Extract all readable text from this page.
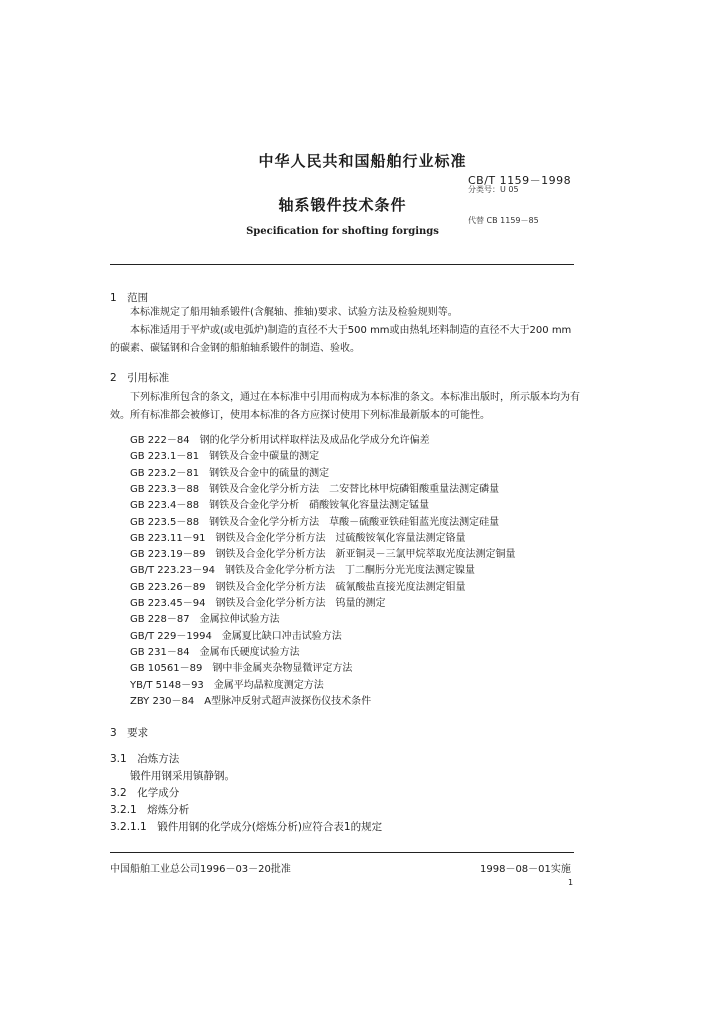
中华人民共和国船舶行业标准
CB/T 1159－1998
分类号：U 05
轴系锻件技术条件
代替 CB 1159－85
Specification for shofting forgings
1　范围
本标准规定了船用轴系锻件(含艉轴、推轴)要求、试验方法及检验规则等。
本标准适用于平炉或(或电弧炉)制造的直径不大于500 mm或由热轧坯料制造的直径不大于200 mm的碳素、碳锰钢和合金钢的船舶轴系锻件的制造、验收。
2　引用标准
下列标准所包含的条文，通过在本标准中引用而构成为本标准的条文。本标准出版时，所示版本均为有效。所有标准都会被修订，使用本标准的各方应探讨使用下列标准最新版本的可能性。
GB 222－84　钢的化学分析用试样取样法及成品化学成分允许偏差
GB 223.1－81　钢铁及合金中碳量的测定
GB 223.2－81　钢铁及合金中的硫量的测定
GB 223.3－88　钢铁及合金化学分析方法　二安替比林甲烷磷钼酸重量法测定磷量
GB 223.4－88　钢铁及合金化学分析　硝酸铵氧化容量法测定锰量
GB 223.5－88　钢铁及合金化学分析方法　草酸－硫酸亚铁硅钼蓝光度法测定硅量
GB 223.11－91　钢铁及合金化学分析方法　过硫酸铵氧化容量法测定铬量
GB 223.19－89　钢铁及合金化学分析方法　新亚铜灵－三氯甲烷萃取光度法测定铜量
GB/T 223.23－94　钢铁及合金化学分析方法　丁二酮肟分光光度法测定镍量
GB 223.26－89　钢铁及合金化学分析方法　硫氰酸盐直接光度法测定钼量
GB 223.45－94　钢铁及合金化学分析方法　钨量的测定
GB 228－87　金属拉伸试验方法
GB/T 229－1994　金属夏比缺口冲击试验方法
GB 231－84　金属布氏硬度试验方法
GB 10561－89　钢中非金属夹杂物显微评定方法
YB/T 5148－93　金属平均晶粒度测定方法
ZBY 230－84　A型脉冲反射式超声波探伤仪技术条件
3　要求
3.1　冶炼方法
锻件用钢采用镇静钢。
3.2　化学成分
3.2.1　熔炼分析
3.2.1.1　锻件用钢的化学成分(熔炼分析)应符合表1的规定
中国船舶工业总公司1996－03－20批准	1998－08－01实施
1
